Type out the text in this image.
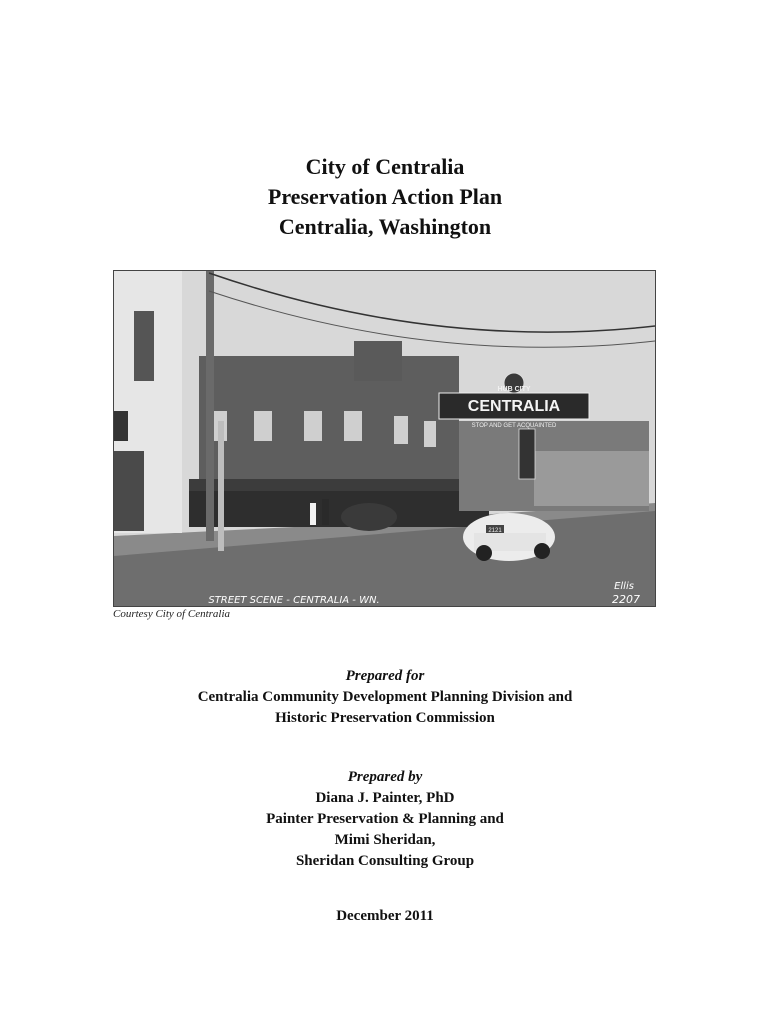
City of Centralia
Preservation Action Plan
Centralia, Washington
HUB CITY
CENTRALIA
STOP AND GET ACQUAINTED
2121
STREET SCENE - CENTRALIA - WN.
Ellis
2207
Courtesy City of Centralia
Prepared for
Centralia Community Development Planning Division and
Historic Preservation Commission
Prepared by
Diana J. Painter, PhD
Painter Preservation & Planning and
Mimi Sheridan,
Sheridan Consulting Group
December 2011
